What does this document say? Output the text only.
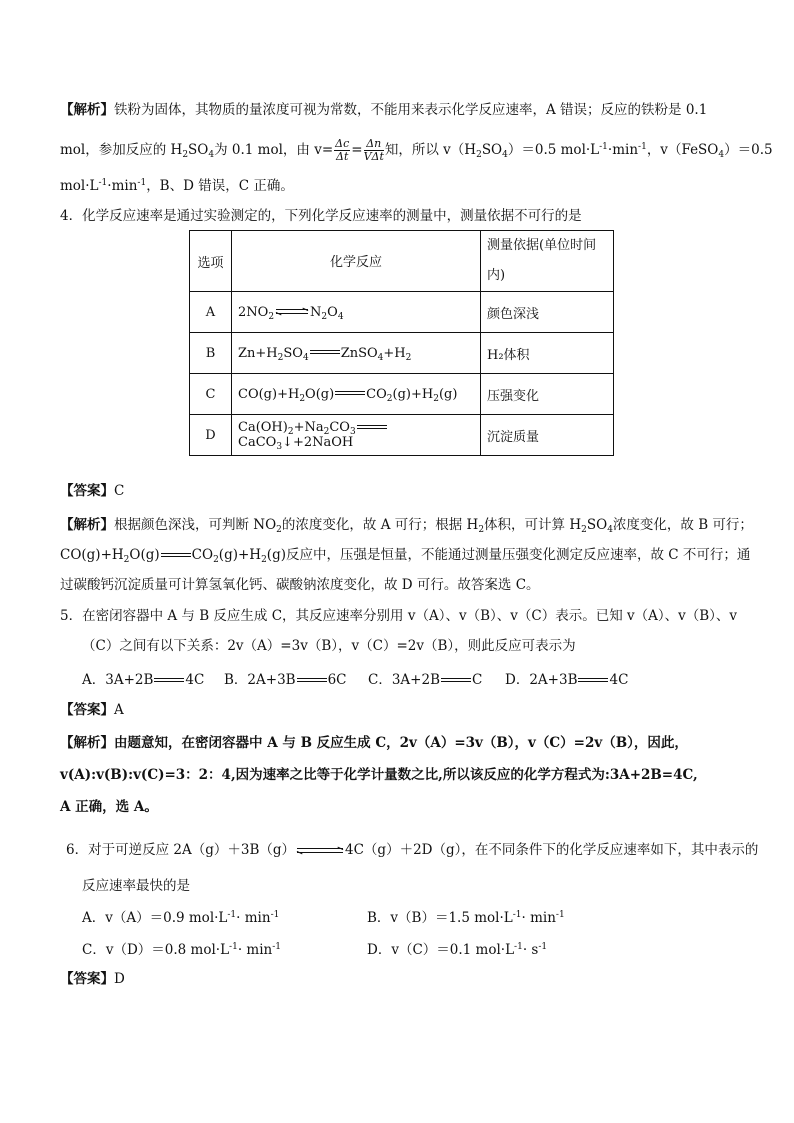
【解析】铁粉为固体，其物质的量浓度可视为常数，不能用来表示化学反应速率，A 错误；反应的铁粉是 0.1
mol，参加反应的 $H_2SO_4$为 0.1 mol，由 $v= \frac{\Delta c}{\Delta t} = \frac{\Delta n}{\text{VΔt}}$ 知，所以 $v(H_2SO_4)=0.5$ $mol\cdot L^{-1}\cdot\min^{-1}$，v（FeSO$_4$）＝0.5
$mol\cdot L^{-1}\cdot\min^{-1}$，B、D 错误，C 正确。
4．化学反应速率是通过实验测定的，下列化学反应速率的测量中，测量依据不可行的是
选项	化学反应	测量依据(单位时间内)
A	$2NO_2$ $N_2O_4$	颜色深浅
B	$Zn+H_2SO_4$ $ZnSO_4+H_2$	H₂体积
C	$CO(g)+H_2O(g)$ $CO_2(g)+H_2(g)$	压强变化
D	$Ca(OH)_2+Na_2CO_3$
CaCO$_3$↓+2NaOH	沉淀质量
【答案】C
【解析】根据颜色深浅，可判断 $NO_2$的浓度变化，故 A 可行；根据 $H_2$体积，可计算 $H_2SO_4$浓度变化，故 B 可行；
$CO(g)+H_2O(g)$ $CO_2(g)+H_2(g)$反应中，压强是恒量，不能通过测量压强变化测定反应速率，故 C 不可行；通
过碳酸钙沉淀质量可计算氢氧化钙、碳酸钠浓度变化，故 D 可行。故答案选 C。
5．在密闭容器中 A 与 B 反应生成 C，其反应速率分别用 v（A）、v（B）、v（C）表示。已知 v（A）、v（B）、v
（C）之间有以下关系：2v（A）=3v（B），v（C）=2v（B），则此反应可表示为
A．3A+2B 4C B．2A+3B 6C C．3A+2B C D．2A+3B 4C
【答案】A
【解析】由题意知，在密闭容器中 A 与 B 反应生成 C，2v（A）=3v（B），v（C）=2v（B），因此，
v(A):v(B):v(C)=3：2：4,因为速率之比等于化学计量数之比,所以该反应的化学方程式为:3A+2B=4C,
A 正确，选 A。
6．对于可逆反应 2A（g）＋3B（g）	4C（g）＋2D（g），在不同条件下的化学反应速率如下，其中表示的
反应速率最快的是
A．v（A）＝0.9 $mol\cdot L^{-1}\cdot \min^{-1}$	B．v（B）＝1.5 $mol\cdot L^{-1}\cdot \min^{-1}$
C．v（D）＝0.8 $mol\cdot L^{-1}\cdot \min^{-1}$	D．v（C）＝0.1 $mol\cdot L^{-1}\cdot s^{-1}$
【答案】D
